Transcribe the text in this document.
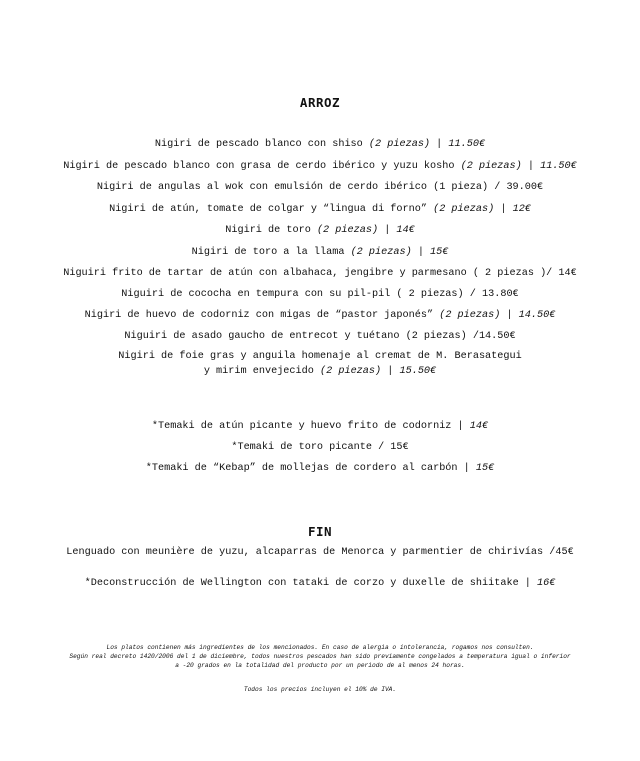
ARROZ
Nigiri de pescado blanco con shiso (2 piezas) | 11.50€
Nigiri de pescado blanco con grasa de cerdo ibérico y yuzu kosho (2 piezas) | 11.50€
Nigiri de angulas al wok con emulsión de cerdo ibérico (1 pieza) / 39.00€
Nigiri de atún, tomate de colgar y “lingua di forno” (2 piezas) | 12€
Nigiri de toro (2 piezas) | 14€
Nigiri de toro a la llama (2 piezas) | 15€
Niguiri frito de tartar de atún con albahaca, jengibre y parmesano ( 2 piezas )/ 14€
Niguiri de cococha en tempura con su pil-pil ( 2 piezas) / 13.80€
Nigiri de huevo de codorniz con migas de “pastor japonés” (2 piezas) | 14.50€
Niguiri de asado gaucho de entrecot y tuétano (2 piezas) /14.50€
Nigiri de foie gras y anguila homenaje al cremat de M. Berasategui
y mirim envejecido (2 piezas) | 15.50€
*Temaki de atún picante y huevo frito de codorniz | 14€
*Temaki de toro picante / 15€
*Temaki de “Kebap” de mollejas de cordero al carbón | 15€
FIN
Lenguado con meunière de yuzu, alcaparras de Menorca y parmentier de chirivías /45€
*Deconstrucción de Wellington con tataki de corzo y duxelle de shiitake | 16€
Los platos contienen más ingredientes de los mencionados. En caso de alergia o intolerancia, rogamos nos consulten.
Según real decreto 1420/2006 del 1 de diciembre, todos nuestros pescados han sido previamente congelados a temperatura igual o inferior
a -20 grados en la totalidad del producto por un periodo de al menos 24 horas.
Todos los precios incluyen el 10% de IVA.
